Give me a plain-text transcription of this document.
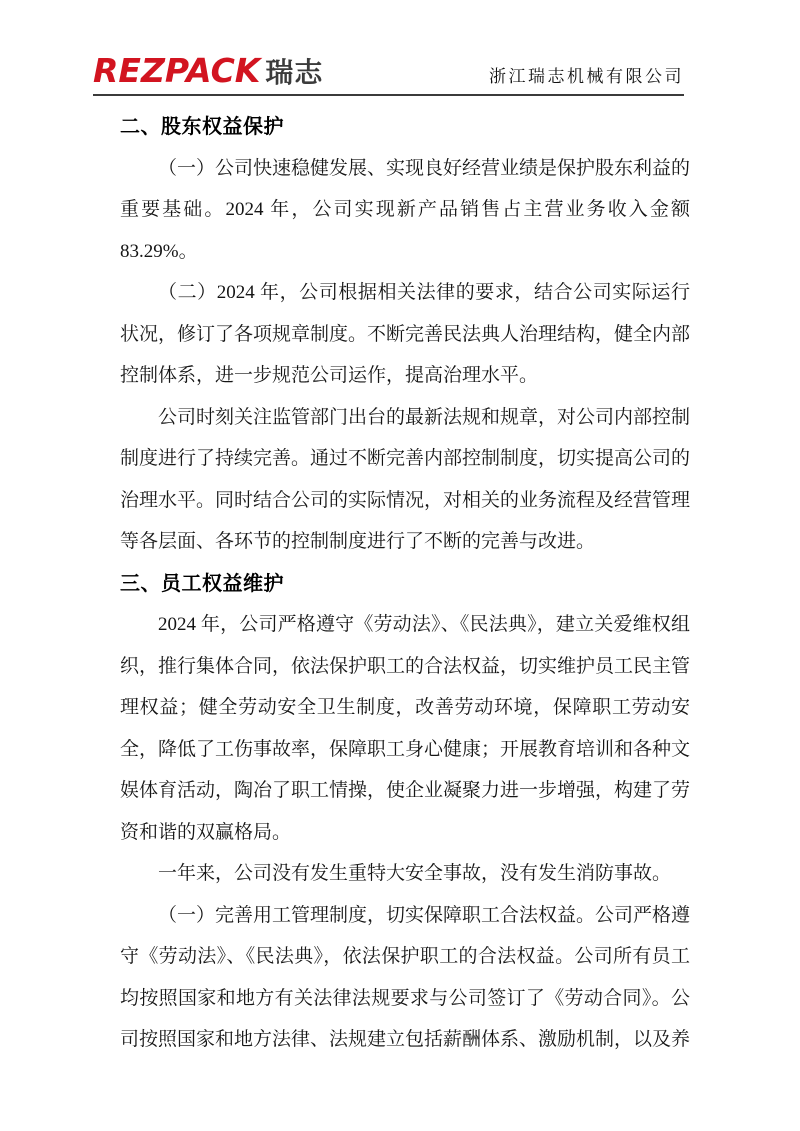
REZPACK 瑞志	浙江瑞志机械有限公司
二、股东权益保护

（一）公司快速稳健发展、实现良好经营业绩是保护股东利益的重要基础。2024 年，公司实现新产品销售占主营业务收入金额 83.29%。

（二）2024 年，公司根据相关法律的要求，结合公司实际运行状况，修订了各项规章制度。不断完善民法典人治理结构，健全内部控制体系，进一步规范公司运作，提高治理水平。

公司时刻关注监管部门出台的最新法规和规章，对公司内部控制制度进行了持续完善。通过不断完善内部控制制度，切实提高公司的治理水平。同时结合公司的实际情况，对相关的业务流程及经营管理等各层面、各环节的控制制度进行了不断的完善与改进。

三、员工权益维护

2024 年，公司严格遵守《劳动法》、《民法典》，建立关爱维权组织，推行集体合同，依法保护职工的合法权益，切实维护员工民主管理权益；健全劳动安全卫生制度，改善劳动环境，保障职工劳动安全，降低了工伤事故率，保障职工身心健康；开展教育培训和各种文娱体育活动，陶冶了职工情操，使企业凝聚力进一步增强，构建了劳资和谐的双赢格局。

一年来，公司没有发生重特大安全事故，没有发生消防事故。

（一）完善用工管理制度，切实保障职工合法权益。公司严格遵守《劳动法》、《民法典》，依法保护职工的合法权益。公司所有员工均按照国家和地方有关法律法规要求与公司签订了《劳动合同》。公司按照国家和地方法律、法规建立包括薪酬体系、激励机制，以及养
